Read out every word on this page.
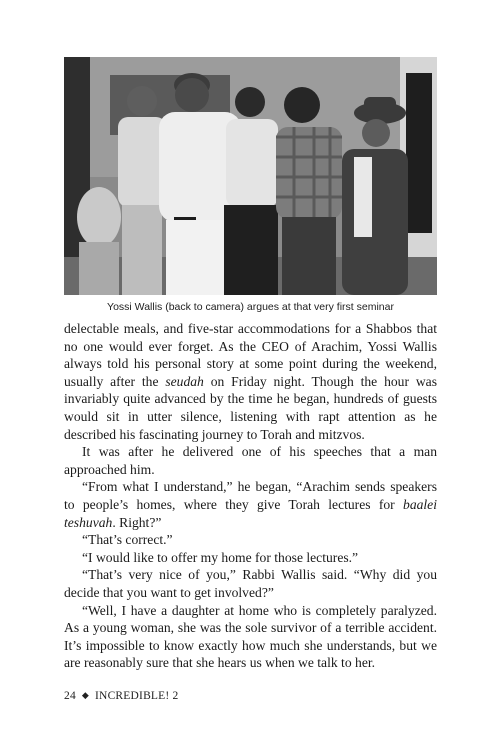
Yossi Wallis (back to camera) argues at that very first seminar

delectable meals, and five-star accommodations for a Shabbos that no one would ever forget. As the CEO of Arachim, Yossi Wallis always told his personal story at some point during the weekend, usually after the seudah on Friday night. Though the hour was invariably quite advanced by the time he began, hundreds of guests would sit in utter silence, listening with rapt attention as he described his fascinating journey to Torah and mitzvos.

It was after he delivered one of his speeches that a man approached him.

“From what I understand,” he began, “Arachim sends speakers to people’s homes, where they give Torah lectures for baalei teshuvah. Right?”

“That’s correct.”

“I would like to offer my home for those lectures.”

“That’s very nice of you,” Rabbi Wallis said. “Why did you decide that you want to get involved?”

“Well, I have a daughter at home who is completely paralyzed. As a young woman, she was the sole survivor of a terrible accident. It’s impossible to know exactly how much she understands, but we are reasonably sure that she hears us when we talk to her.

24 ◆ INCREDIBLE! 2
